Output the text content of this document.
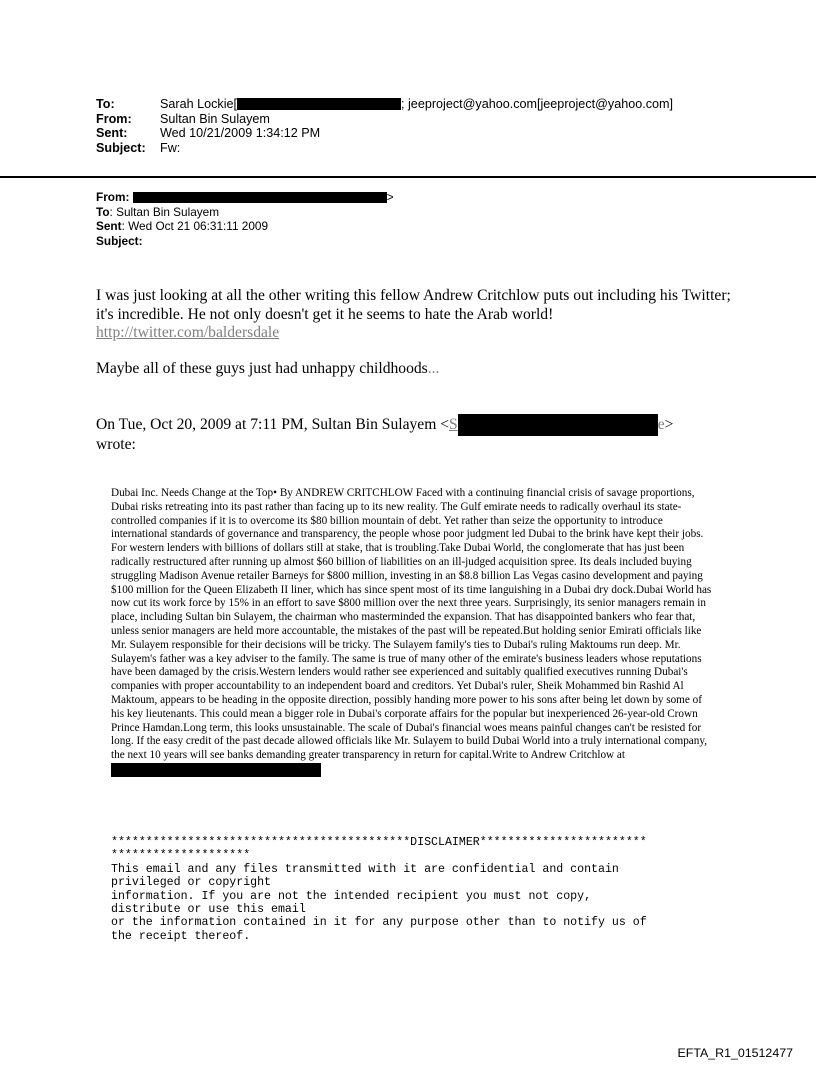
To:	Sarah Lockie[	; jeeproject@yahoo.com[jeeproject@yahoo.com]
From:	Sultan Bin Sulayem
Sent:	Wed 10/21/2009 1:34:12 PM
Subject:	Fw:
From:	>
To: Sultan Bin Sulayem
Sent: Wed Oct 21 06:31:11 2009
Subject:
I was just looking at all the other writing this fellow Andrew Critchlow puts out including his Twitter; it's incredible. He not only doesn't get it he seems to hate the Arab world!
http://twitter.com/baldersdale
Maybe all of these guys just had unhappy childhoods...
On Tue, Oct 20, 2009 at 7:11 PM, Sultan Bin Sulayem <S	e>
wrote:
Dubai Inc. Needs Change at the Top• By ANDREW CRITCHLOW Faced with a continuing financial crisis of savage proportions, Dubai risks retreating into its past rather than facing up to its new reality. The Gulf emirate needs to radically overhaul its state-controlled companies if it is to overcome its $80 billion mountain of debt. Yet rather than seize the opportunity to introduce international standards of governance and transparency, the people whose poor judgment led Dubai to the brink have kept their jobs. For western lenders with billions of dollars still at stake, that is troubling.Take Dubai World, the conglomerate that has just been radically restructured after running up almost $60 billion of liabilities on an ill-judged acquisition spree. Its deals included buying struggling Madison Avenue retailer Barneys for $800 million, investing in an $8.8 billion Las Vegas casino development and paying $100 million for the Queen Elizabeth II liner, which has since spent most of its time languishing in a Dubai dry dock.Dubai World has now cut its work force by 15% in an effort to save $800 million over the next three years. Surprisingly, its senior managers remain in place, including Sultan bin Sulayem, the chairman who masterminded the expansion. That has disappointed bankers who fear that, unless senior managers are held more accountable, the mistakes of the past will be repeated.But holding senior Emirati officials like Mr. Sulayem responsible for their decisions will be tricky. The Sulayem family's ties to Dubai's ruling Maktoums run deep. Mr. Sulayem's father was a key adviser to the family. The same is true of many other of the emirate's business leaders whose reputations have been damaged by the crisis.Western lenders would rather see experienced and suitably qualified executives running Dubai's companies with proper accountability to an independent board and creditors. Yet Dubai's ruler, Sheik Mohammed bin Rashid Al Maktoum, appears to be heading in the opposite direction, possibly handing more power to his sons after being let down by some of his key lieutenants. This could mean a bigger role in Dubai's corporate affairs for the popular but inexperienced 26-year-old Crown Prince Hamdan.Long term, this looks unsustainable. The scale of Dubai's financial woes means painful changes can't be resisted for long. If the easy credit of the past decade allowed officials like Mr. Sulayem to build Dubai World into a truly international company, the next 10 years will see banks demanding greater transparency in return for capital.Write to Andrew Critchlow at
*******************************************DISCLAIMER************************
********************
This email and any files transmitted with it are confidential and contain
privileged or copyright
information. If you are not the intended recipient you must not copy,
distribute or use this email
or the information contained in it for any purpose other than to notify us of
the receipt thereof.
EFTA_R1_01512477
